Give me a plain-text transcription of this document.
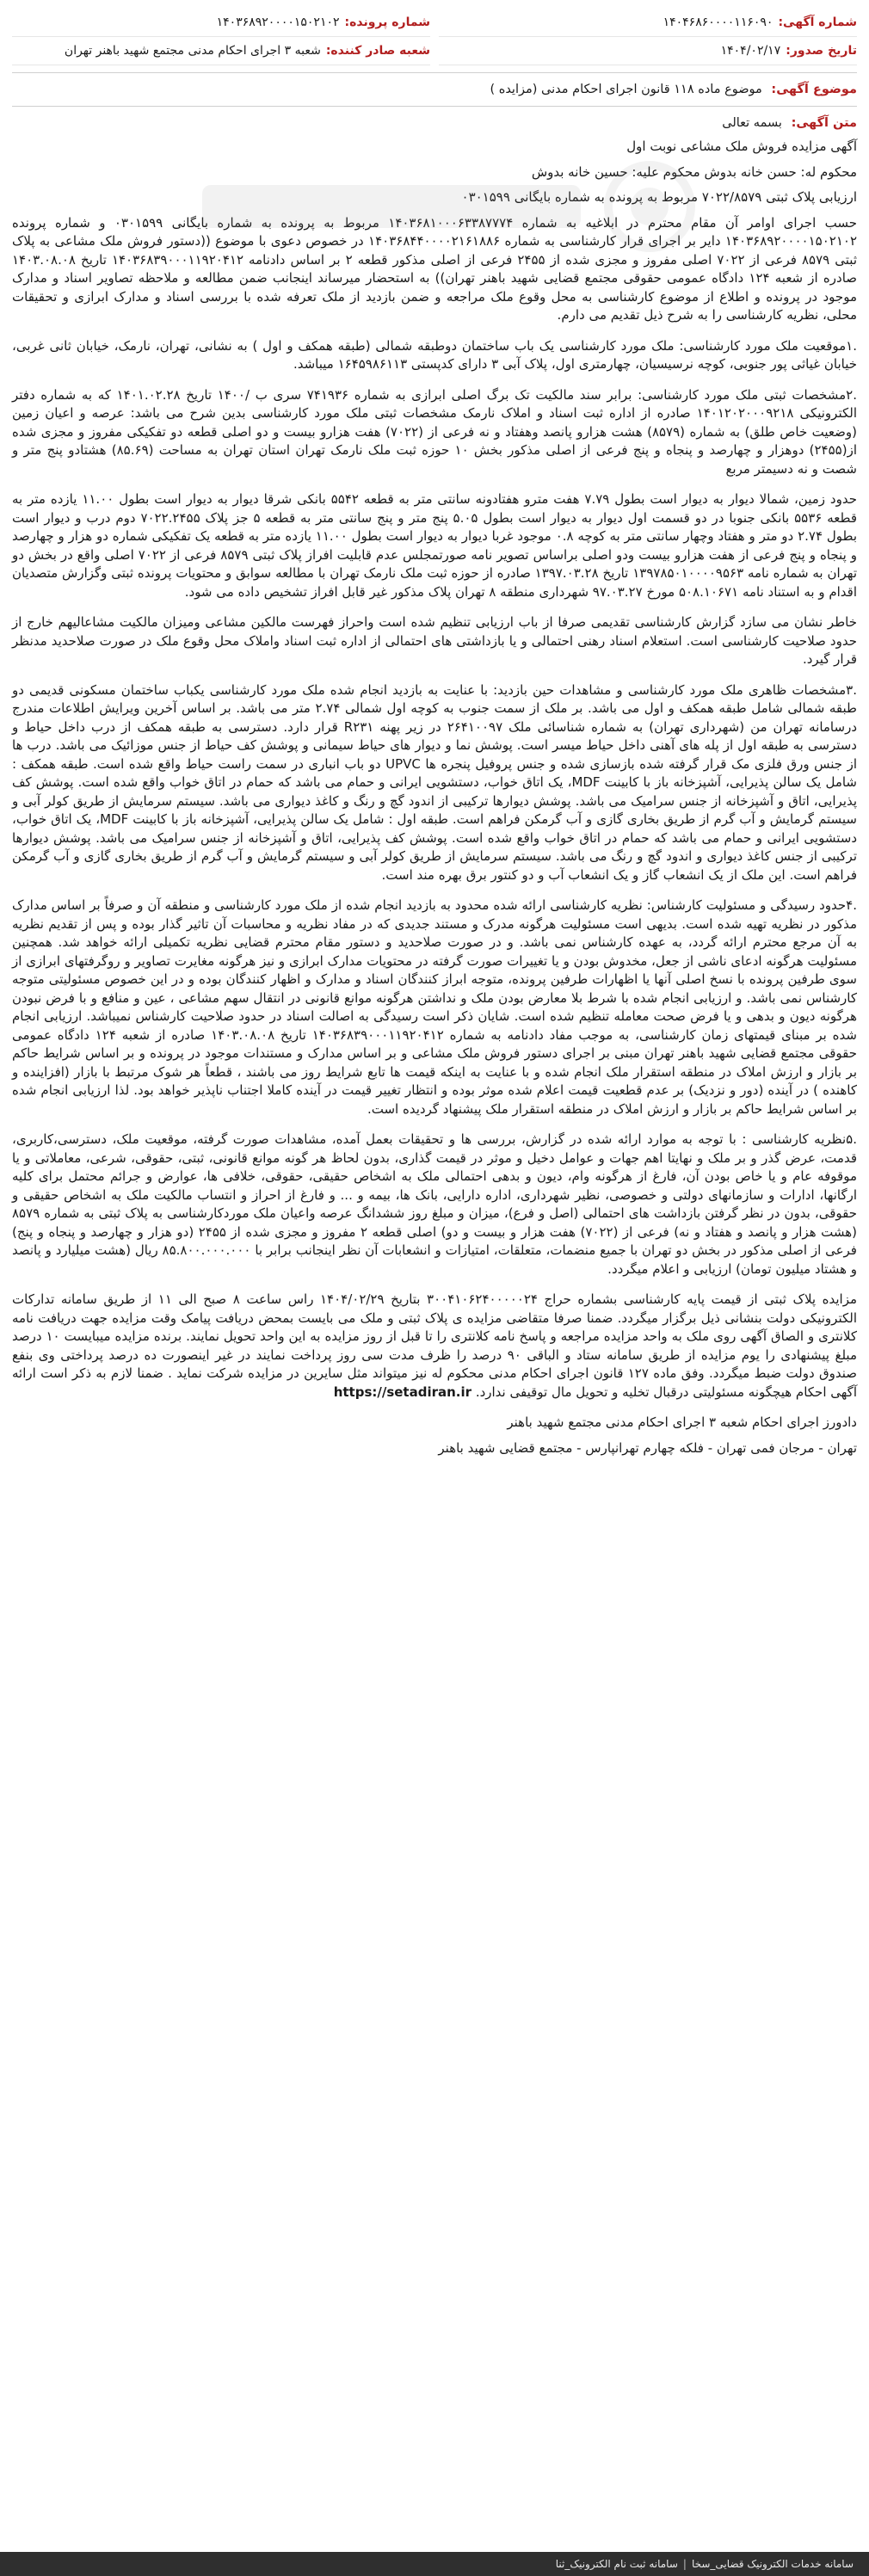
شماره آگهی:
۱۴۰۴۶۸۶۰۰۰۰۱۱۶۰۹۰
تاریخ صدور:
۱۴۰۴/۰۲/۱۷
شماره پرونده:
۱۴۰۳۶۸۹۲۰۰۰۰۱۵۰۲۱۰۲
شعبه صادر کننده:
شعبه ۳ اجرای احکام مدنی مجتمع شهید باهنر تهران
موضوع آگهی: موضوع ماده ۱۱۸ قانون اجرای احکام مدنی (مزایده )
متن آگهی: بسمه تعالی

آگهی مزایده فروش ملک مشاعی نوبت اول

محکوم له: حسن خانه بدوش محکوم علیه: حسین خانه بدوش

ارزیابی پلاک ثبتی ۷۰۲۲/۸۵۷۹ مربوط به پرونده به شماره بایگانی ۰۳۰۱۵۹۹

حسب اجرای اوامر آن مقام محترم در ابلاغیه به شماره ۱۴۰۳۶۸۱۰۰۰۶۳۳۸۷۷۷۴ مربوط به پرونده به شماره بایگانی ۰۳۰۱۵۹۹ و شماره پرونده ۱۴۰۳۶۸۹۲۰۰۰۰۱۵۰۲۱۰۲ دایر بر اجرای قرار کارشناسی به شماره ۱۴۰۳۶۸۴۴۰۰۰۰۲۱۶۱۸۸۶ در خصوص دعوی با موضوع ((دستور فروش ملک مشاعی به پلاک ثبتی ۸۵۷۹ فرعی از ۷۰۲۲ اصلی مفروز و مجزی شده از ۲۴۵۵ فرعی از اصلی مذکور قطعه ۲ بر اساس دادنامه ۱۴۰۳۶۸۳۹۰۰۰۱۱۹۲۰۴۱۲ تاریخ ۱۴۰۳.۰۸.۰۸ صادره از شعبه ۱۲۴ دادگاه عمومی حقوقی مجتمع قضایی شهید باهنر تهران)) به استحضار میرساند اینجانب ضمن مطالعه و ملاحظه تصاویر اسناد و مدارک موجود در پرونده و اطلاع از موضوع کارشناسی به محل وقوع ملک مراجعه و ضمن بازدید از ملک تعرفه شده با بررسی اسناد و مدارک ابرازی و تحقیقات محلی، نظریه کارشناسی را به شرح ذیل تقدیم می دارم.

.۱موقعیت ملک مورد کارشناسی: ملک مورد کارشناسی یک باب ساختمان دوطبقه شمالی (طبقه همکف و اول ) به نشانی، تهران، نارمک، خیابان ثانی غربی، خیابان غیاثی پور جنوبی، کوچه نرسیسیان، چهارمتری اول، پلاک آبی ۳ دارای کدپستی ۱۶۴۵۹۸۶۱۱۳ میباشد.

.۲مشخصات ثبتی ملک مورد کارشناسی: برابر سند مالکیت تک برگ اصلی ابرازی به شماره ۷۴۱۹۳۶ سری ب /۱۴۰۰ تاریخ ۱۴۰۱.۰۲.۲۸ که به شماره دفتر الکترونیکی ۱۴۰۱۲۰۲۰۰۰۹۲۱۸ صادره از اداره ثبت اسناد و املاک نارمک مشخصات ثبتی ملک مورد کارشناسی بدین شرح می باشد: عرصه و اعیان زمین (وضعیت خاص طلق) به شماره (۸۵۷۹) هشت هزارو پانصد وهفتاد و نه فرعی از (۷۰۲۲) هفت هزارو بیست و دو اصلی قطعه دو تفکیکی مفروز و مجزی شده از(۲۴۵۵) دوهزار و چهارصد و پنجاه و پنج فرعی از اصلی مذکور بخش ۱۰ حوزه ثبت ملک نارمک تهران استان تهران به مساحت (۸۵.۶۹) هشتادو پنج متر و شصت و نه دسیمتر مربع

حدود زمین، شمالا دیوار به دیوار است بطول ۷.۷۹ هفت مترو هفتادونه سانتی متر به قطعه ۵۵۴۲ بانکی شرقا دیوار به دیوار است بطول ۱۱.۰۰ یازده متر به قطعه ۵۵۳۶ بانکی جنوبا در دو قسمت اول دیوار به دیوار است بطول ۵.۰۵ پنج متر و پنج سانتی متر به قطعه ۵ جز پلاک ۷۰۲۲.۲۴۵۵ دوم درب و دیوار است بطول ۲.۷۴ دو متر و هفتاد وچهار سانتی متر به کوچه ۰.۸ موجود غربا دیوار به دیوار است بطول ۱۱.۰۰ یازده متر به قطعه یک تفکیکی شماره دو هزار و چهارصد و پنجاه و پنج فرعی از هفت هزارو بیست ودو اصلی براساس تصویر نامه صورتمجلس عدم قابلیت افراز پلاک ثبتی ۸۵۷۹ فرعی از ۷۰۲۲ اصلی واقع در بخش دو تهران به شماره نامه ۱۳۹۷۸۵۰۱۰۰۰۰۹۵۶۳ تاریخ ۱۳۹۷.۰۳.۲۸ صادره از حوزه ثبت ملک نارمک تهران با مطالعه سوابق و محتویات پرونده ثبتی وگزارش متصدیان اقدام و به استناد نامه ۵۰۸.۱۰۶۷۱ مورخ ۹۷.۰۳.۲۷ شهرداری منطقه ۸ تهران پلاک مذکور غیر قابل افراز تشخیص داده می شود.

خاطر نشان می سازد گزارش کارشناسی تقدیمی صرفا از باب ارزیابی تنظیم شده است واحراز فهرست مالکین مشاعی ومیزان مالکیت مشاعالیهم خارج از حدود صلاحیت کارشناسی است. استعلام اسناد رهنی احتمالی و یا بازداشتی های احتمالی از اداره ثبت اسناد واملاک محل وقوع ملک در صورت صلاحدید مدنظر قرار گیرد.

.۳مشخصات ظاهری ملک مورد کارشناسی و مشاهدات حین بازدید: با عنایت به بازدید انجام شده ملک مورد کارشناسی یکباب ساختمان مسکونی قدیمی دو طبقه شمالی شامل طبقه همکف و اول می باشد. بر ملک از سمت جنوب به کوچه اول شمالی ۲.۷۴ متر می باشد. بر اساس آخرین ویرایش اطلاعات مندرج درسامانه تهران من (شهرداری تهران) به شماره شناسائی ملک ۲۶۴۱۰۰۹۷ در زیر پهنه R۲۳۱ قرار دارد. دسترسی به طبقه همکف از درب داخل حیاط و دسترسی به طبقه اول از پله های آهنی داخل حیاط میسر است. پوشش نما و دیوار های حیاط سیمانی و پوشش کف حیاط از جنس موزائیک می باشد. درب ها از جنس ورق فلزی مک قرار گرفته شده بازسازی شده و جنس پروفیل پنجره ها UPVC دو باب انباری در سمت راست حیاط واقع شده است. طبقه همکف : شامل یک سالن پذیرایی، آشپزخانه باز با کابینت MDF، یک اتاق خواب، دستشویی ایرانی و حمام می باشد که حمام در اتاق خواب واقع شده است. پوشش کف پذیرایی، اتاق و آشپزخانه از جنس سرامیک می باشد. پوشش دیوارها ترکیبی از اندود گچ و رنگ و کاغذ دیواری می باشد. سیستم سرمایش از طریق کولر آبی و سیستم گرمایش و آب گرم از طریق بخاری گازی و آب گرمکن فراهم است. طبقه اول : شامل یک سالن پذیرایی، آشپزخانه باز با کابینت MDF، یک اتاق خواب، دستشویی ایرانی و حمام می باشد که حمام در اتاق خواب واقع شده است. پوشش کف پذیرایی، اتاق و آشپزخانه از جنس سرامیک می باشد. پوشش دیوارها ترکیبی از جنس کاغذ دیواری و اندود گچ و رنگ می باشد. سیستم سرمایش از طریق کولر آبی و سیستم گرمایش و آب گرم از طریق بخاری گازی و آب گرمکن فراهم است. این ملک از یک انشعاب گاز و یک انشعاب آب و دو کنتور برق بهره مند است.

.۴حدود رسیدگی و مسئولیت کارشناس: نظریه کارشناسی ارائه شده محدود به بازدید انجام شده از ملک مورد کارشناسی و منطقه آن و صرفاً بر اساس مدارک مذکور در نظریه تهیه شده است. بدیهی است مسئولیت هرگونه مدرک و مستند جدیدی که در مفاد نظریه و محاسبات آن تاثیر گذار بوده و پس از تقدیم نظریه به آن مرجع محترم ارائه گردد، به عهده کارشناس نمی باشد. و در صورت صلاحدید و دستور مقام محترم قضایی نظریه تکمیلی ارائه خواهد شد. همچنین مسئولیت هرگونه ادعای ناشی از جعل، مخدوش بودن و یا تغییرات صورت گرفته در محتویات مدارک ابرازی و نیز هرگونه مغایرت تصاویر و روگرفتهای ابرازی از سوی طرفین پرونده با نسخ اصلی آنها یا اظهارات طرفین پرونده، متوجه ابراز کنندگان اسناد و مدارک و اظهار کنندگان بوده و در این خصوص مسئولیتی متوجه کارشناس نمی باشد. و ارزیابی انجام شده با شرط بلا معارض بودن ملک و نداشتن هرگونه موانع قانونی در انتقال سهم مشاعی ، عین و منافع و با فرض نبودن هرگونه دیون و بدهی و یا فرض صحت معامله تنظیم شده است. شایان ذکر است رسیدگی به اصالت اسناد در حدود صلاحیت کارشناس نمیباشد. ارزیابی انجام شده بر مبنای قیمتهای زمان کارشناسی، به موجب مفاد دادنامه به شماره ۱۴۰۳۶۸۳۹۰۰۰۱۱۹۲۰۴۱۲ تاریخ ۱۴۰۳.۰۸.۰۸ صادره از شعبه ۱۲۴ دادگاه عمومی حقوقی مجتمع قضایی شهید باهنر تهران مبنی بر اجرای دستور فروش ملک مشاعی و بر اساس مدارک و مستندات موجود در پرونده و بر اساس شرایط حاکم بر بازار و ارزش املاک در منطقه استقرار ملک انجام شده و با عنایت به اینکه قیمت ها تابع شرایط روز می باشند ، قطعاً هر شوک مرتبط با بازار (افزاینده و کاهنده ) در آینده (دور و نزدیک) بر عدم قطعیت قیمت اعلام شده موثر بوده و انتظار تغییر قیمت در آینده کاملا اجتناب ناپذیر خواهد بود. لذا ارزیابی انجام شده بر اساس شرایط حاکم بر بازار و ارزش املاک در منطقه استقرار ملک پیشنهاد گردیده است.

.۵نظریه کارشناسی : با توجه به موارد ارائه شده در گزارش، بررسی ها و تحقیقات بعمل آمده، مشاهدات صورت گرفته، موقعیت ملک، دسترسی،کاربری، قدمت، عرض گذر و بر ملک و نهایتا اهم جهات و عوامل دخیل و موثر در قیمت گذاری، بدون لحاظ هر گونه موانع قانونی، ثبتی، حقوقی، شرعی، معاملاتی و یا موقوفه عام و یا خاص بودن آن، فارغ از هرگونه وام، دیون و بدهی احتمالی ملک به اشخاص حقیقی، حقوقی، خلافی ها، عوارض و جرائم محتمل برای کلیه ارگانها، ادارات و سازمانهای دولتی و خصوصی، نظیر شهرداری، اداره دارایی، بانک ها، بیمه و ... و فارغ از احراز و انتساب مالکیت ملک به اشخاص حقیقی و حقوقی، بدون در نظر گرفتن بازداشت های احتمالی (اصل و فرع)، میزان و مبلغ روز ششدانگ عرصه واعیان ملک موردکارشناسی به پلاک ثبتی به شماره ۸۵۷۹ (هشت هزار و پانصد و هفتاد و نه) فرعی از (۷۰۲۲) هفت هزار و بیست و دو) اصلی قطعه ۲ مفروز و مجزی شده از ۲۴۵۵ (دو هزار و چهارصد و پنجاه و پنج) فرعی از اصلی مذکور در بخش دو تهران با جمیع منضمات، متعلقات، امتیازات و انشعابات آن نظر اینجانب برابر با ۸۵.۸۰۰.۰۰۰.۰۰۰ ریال (هشت میلیارد و پانصد و هشتاد میلیون تومان) ارزیابی و اعلام میگردد.

مزایده پلاک ثبتی از قیمت پایه کارشناسی بشماره حراج ۳۰۰۴۱۰۶۲۴۰۰۰۰۰۲۴ بتاریخ ۱۴۰۴/۰۲/۲۹ راس ساعت ۸ صبح الی ۱۱ از طریق سامانه تدارکات الکترونیکی دولت بنشانی ذیل برگزار میگردد. ضمنا صرفا متقاضی مزایده ی پلاک ثبتی و ملک می بایست بمحض دریافت پیامک وقت مزایده جهت دریافت نامه کلانتری و الصاق آگهی روی ملک به واحد مزایده مراجعه و پاسخ نامه کلانتری را تا قبل از روز مزایده به این واحد تحویل نمایند. برنده مزایده میبایست ۱۰ درصد مبلغ پیشنهادی را یوم مزایده از طریق سامانه ستاد و الباقی ۹۰ درصد را ظرف مدت سی روز پرداخت نمایند در غیر اینصورت ده درصد پرداختی وی بنفع صندوق دولت ضبط میگردد. وفق ماده ۱۲۷ قانون اجرای احکام مدنی محکوم له نیز میتواند مثل سایرین در مزایده شرکت نماید . ضمنا لازم به ذکر است ارائه آگهی احکام هیچگونه مسئولیتی درقبال تخلیه و تحویل مال توقیفی ندارد. https://setadiran.ir

دادورز اجرای احکام شعبه ۳ اجرای احکام مدنی مجتمع شهید باهنر

تهران - مرجان فمی تهران - فلکه چهارم تهرانپارس - مجتمع قضایی شهید باهنر

سامانه خدمات الکترونیک قضایی_سخا
|
سامانه ثبت نام الکترونیک_ثنا
